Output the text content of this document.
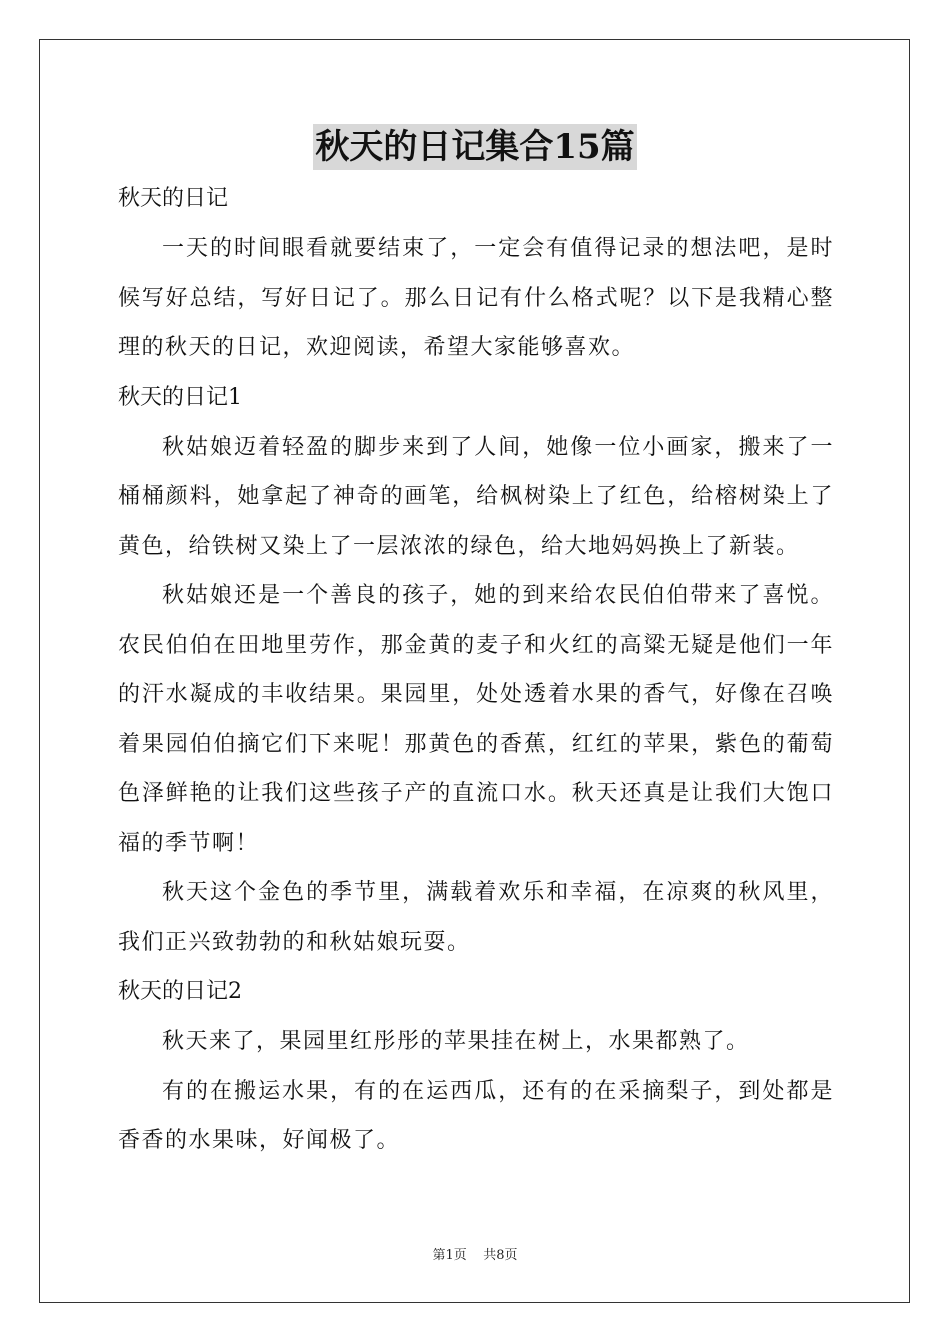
秋天的日记集合15篇
秋天的日记

一天的时间眼看就要结束了，一定会有值得记录的想法吧，是时候写好总结，写好日记了。那么日记有什么格式呢？以下是我精心整理的秋天的日记，欢迎阅读，希望大家能够喜欢。

秋天的日记1

秋姑娘迈着轻盈的脚步来到了人间，她像一位小画家，搬来了一桶桶颜料，她拿起了神奇的画笔，给枫树染上了红色，给榕树染上了黄色，给铁树又染上了一层浓浓的绿色，给大地妈妈换上了新装。

秋姑娘还是一个善良的孩子，她的到来给农民伯伯带来了喜悦。农民伯伯在田地里劳作，那金黄的麦子和火红的高粱无疑是他们一年的汗水凝成的丰收结果。果园里，处处透着水果的香气，好像在召唤着果园伯伯摘它们下来呢！那黄色的香蕉，红红的苹果，紫色的葡萄色泽鲜艳的让我们这些孩子产的直流口水。秋天还真是让我们大饱口福的季节啊！

秋天这个金色的季节里，满载着欢乐和幸福，在凉爽的秋风里，我们正兴致勃勃的和秋姑娘玩耍。

秋天的日记2

秋天来了，果园里红彤彤的苹果挂在树上，水果都熟了。

有的在搬运水果，有的在运西瓜，还有的在采摘梨子，到处都是香香的水果味，好闻极了。

第1页 共8页
